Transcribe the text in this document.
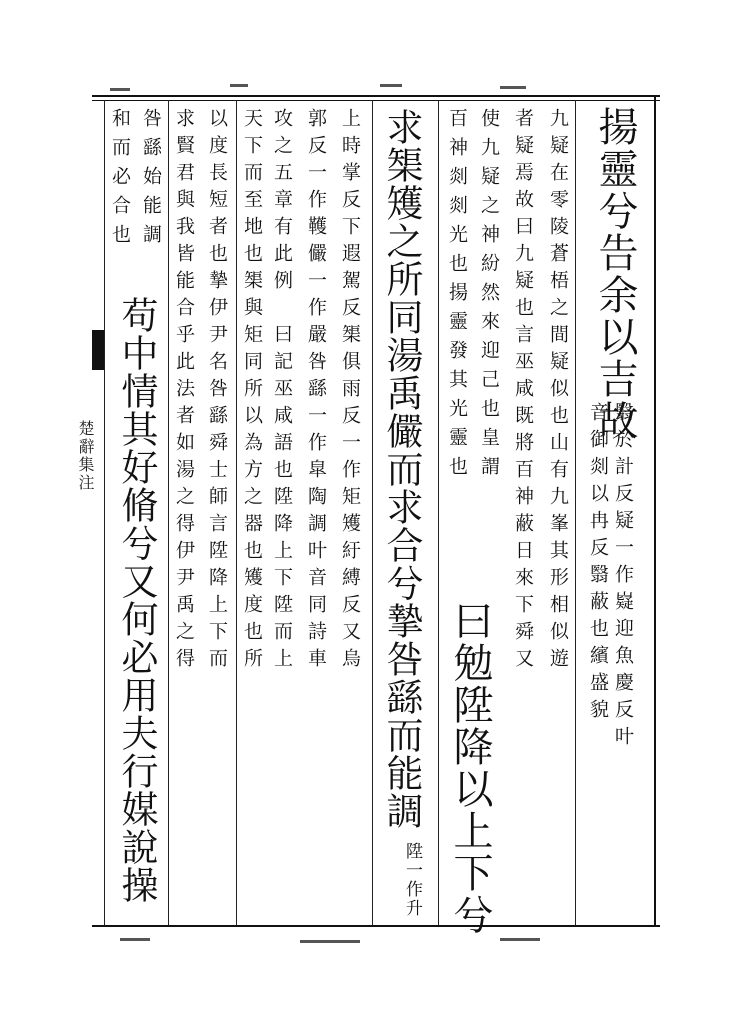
揚靈兮告余以吉故
翳於計反疑一作嶷迎魚慶反叶
音御剡以冉反翳蔽也繽盛貌
九疑在零陵蒼梧之間疑似也山有九峯其形相似遊
者疑焉故曰九疑也言巫咸既將百神蔽日來下舜又
使九疑之神紛然來迎己也皇謂
百神剡剡光也揚靈發其光靈也
曰勉陞降以上下兮
求榘矱之所同湯禹儼而求合兮摯咎繇而能調
陞一作升
上時掌反下遐駕反榘俱雨反一作矩矱紆縛反又烏
郭反一作韄儼一作嚴咎繇一作皐陶調叶音同詩車
攻之五章有此例　曰記巫咸語也陞降上下陞而上
天下而至地也榘與矩同所以為方之器也矱度也所
以度長短者也摯伊尹名咎繇舜士師言陞降上下而
求賢君與我皆能合乎此法者如湯之得伊尹禹之得
咎繇始能調
和而必合也
苟中情其好脩兮又何必用夫行媒說操
楚辭集注
